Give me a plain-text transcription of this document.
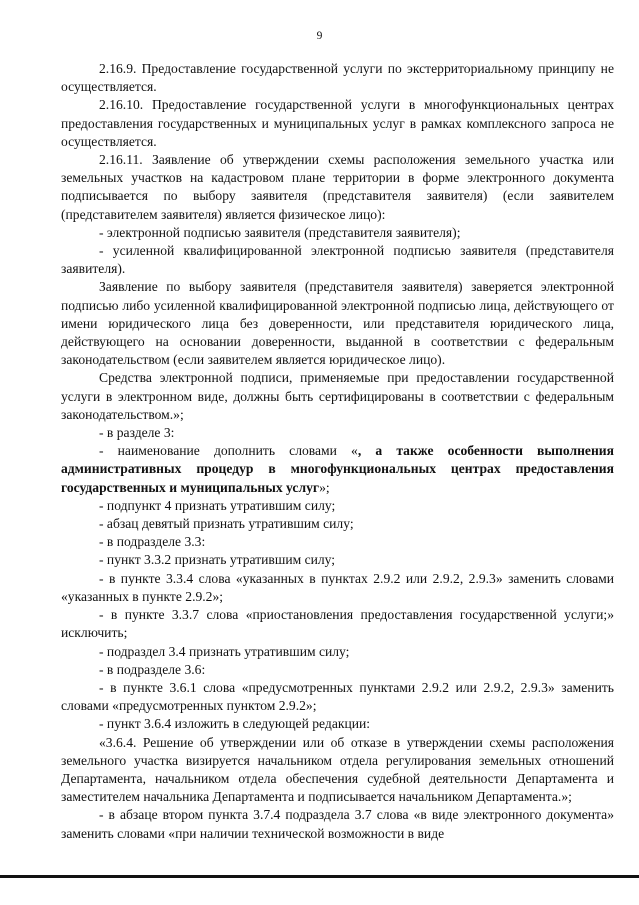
9

2.16.9. Предоставление государственной услуги по экстерриториальному принципу не осуществляется.

2.16.10. Предоставление государственной услуги в многофункциональных центрах предоставления государственных и муниципальных услуг в рамках комплексного запроса не осуществляется.

2.16.11. Заявление об утверждении схемы расположения земельного участка или земельных участков на кадастровом плане территории в форме электронного документа подписывается по выбору заявителя (представителя заявителя) (если заявителем (представителем заявителя) является физическое лицо):

- электронной подписью заявителя (представителя заявителя);

- усиленной квалифицированной электронной подписью заявителя (представителя заявителя).

Заявление по выбору заявителя (представителя заявителя) заверяется электронной подписью либо усиленной квалифицированной электронной подписью лица, действующего от имени юридического лица без доверенности, или представителя юридического лица, действующего на основании доверенности, выданной в соответствии с федеральным законодательством (если заявителем является юридическое лицо).

Средства электронной подписи, применяемые при предоставлении государственной услуги в электронном виде, должны быть сертифицированы в соответствии с федеральным законодательством.»;

- в разделе 3:

- наименование дополнить словами «, а также особенности выполнения административных процедур в многофункциональных центрах предоставления государственных и муниципальных услуг»;

- подпункт 4 признать утратившим силу;

- абзац девятый признать утратившим силу;

- в подразделе 3.3:

- пункт 3.3.2 признать утратившим силу;

- в пункте 3.3.4 слова «указанных в пунктах 2.9.2 или 2.9.2, 2.9.3» заменить словами «указанных в пункте 2.9.2»;

- в пункте 3.3.7 слова «приостановления предоставления государственной услуги;» исключить;

- подраздел 3.4 признать утратившим силу;

- в подразделе 3.6:

- в пункте 3.6.1 слова «предусмотренных пунктами 2.9.2 или 2.9.2, 2.9.3» заменить словами «предусмотренных пунктом 2.9.2»;

- пункт 3.6.4 изложить в следующей редакции:

«3.6.4. Решение об утверждении или об отказе в утверждении схемы расположения земельного участка визируется начальником отдела регулирования земельных отношений Департамента, начальником отдела обеспечения судебной деятельности Департамента и заместителем начальника Департамента и подписывается начальником Департамента.»;

- в абзаце втором пункта 3.7.4 подраздела 3.7 слова «в виде электронного документа» заменить словами «при наличии технической возможности в виде
